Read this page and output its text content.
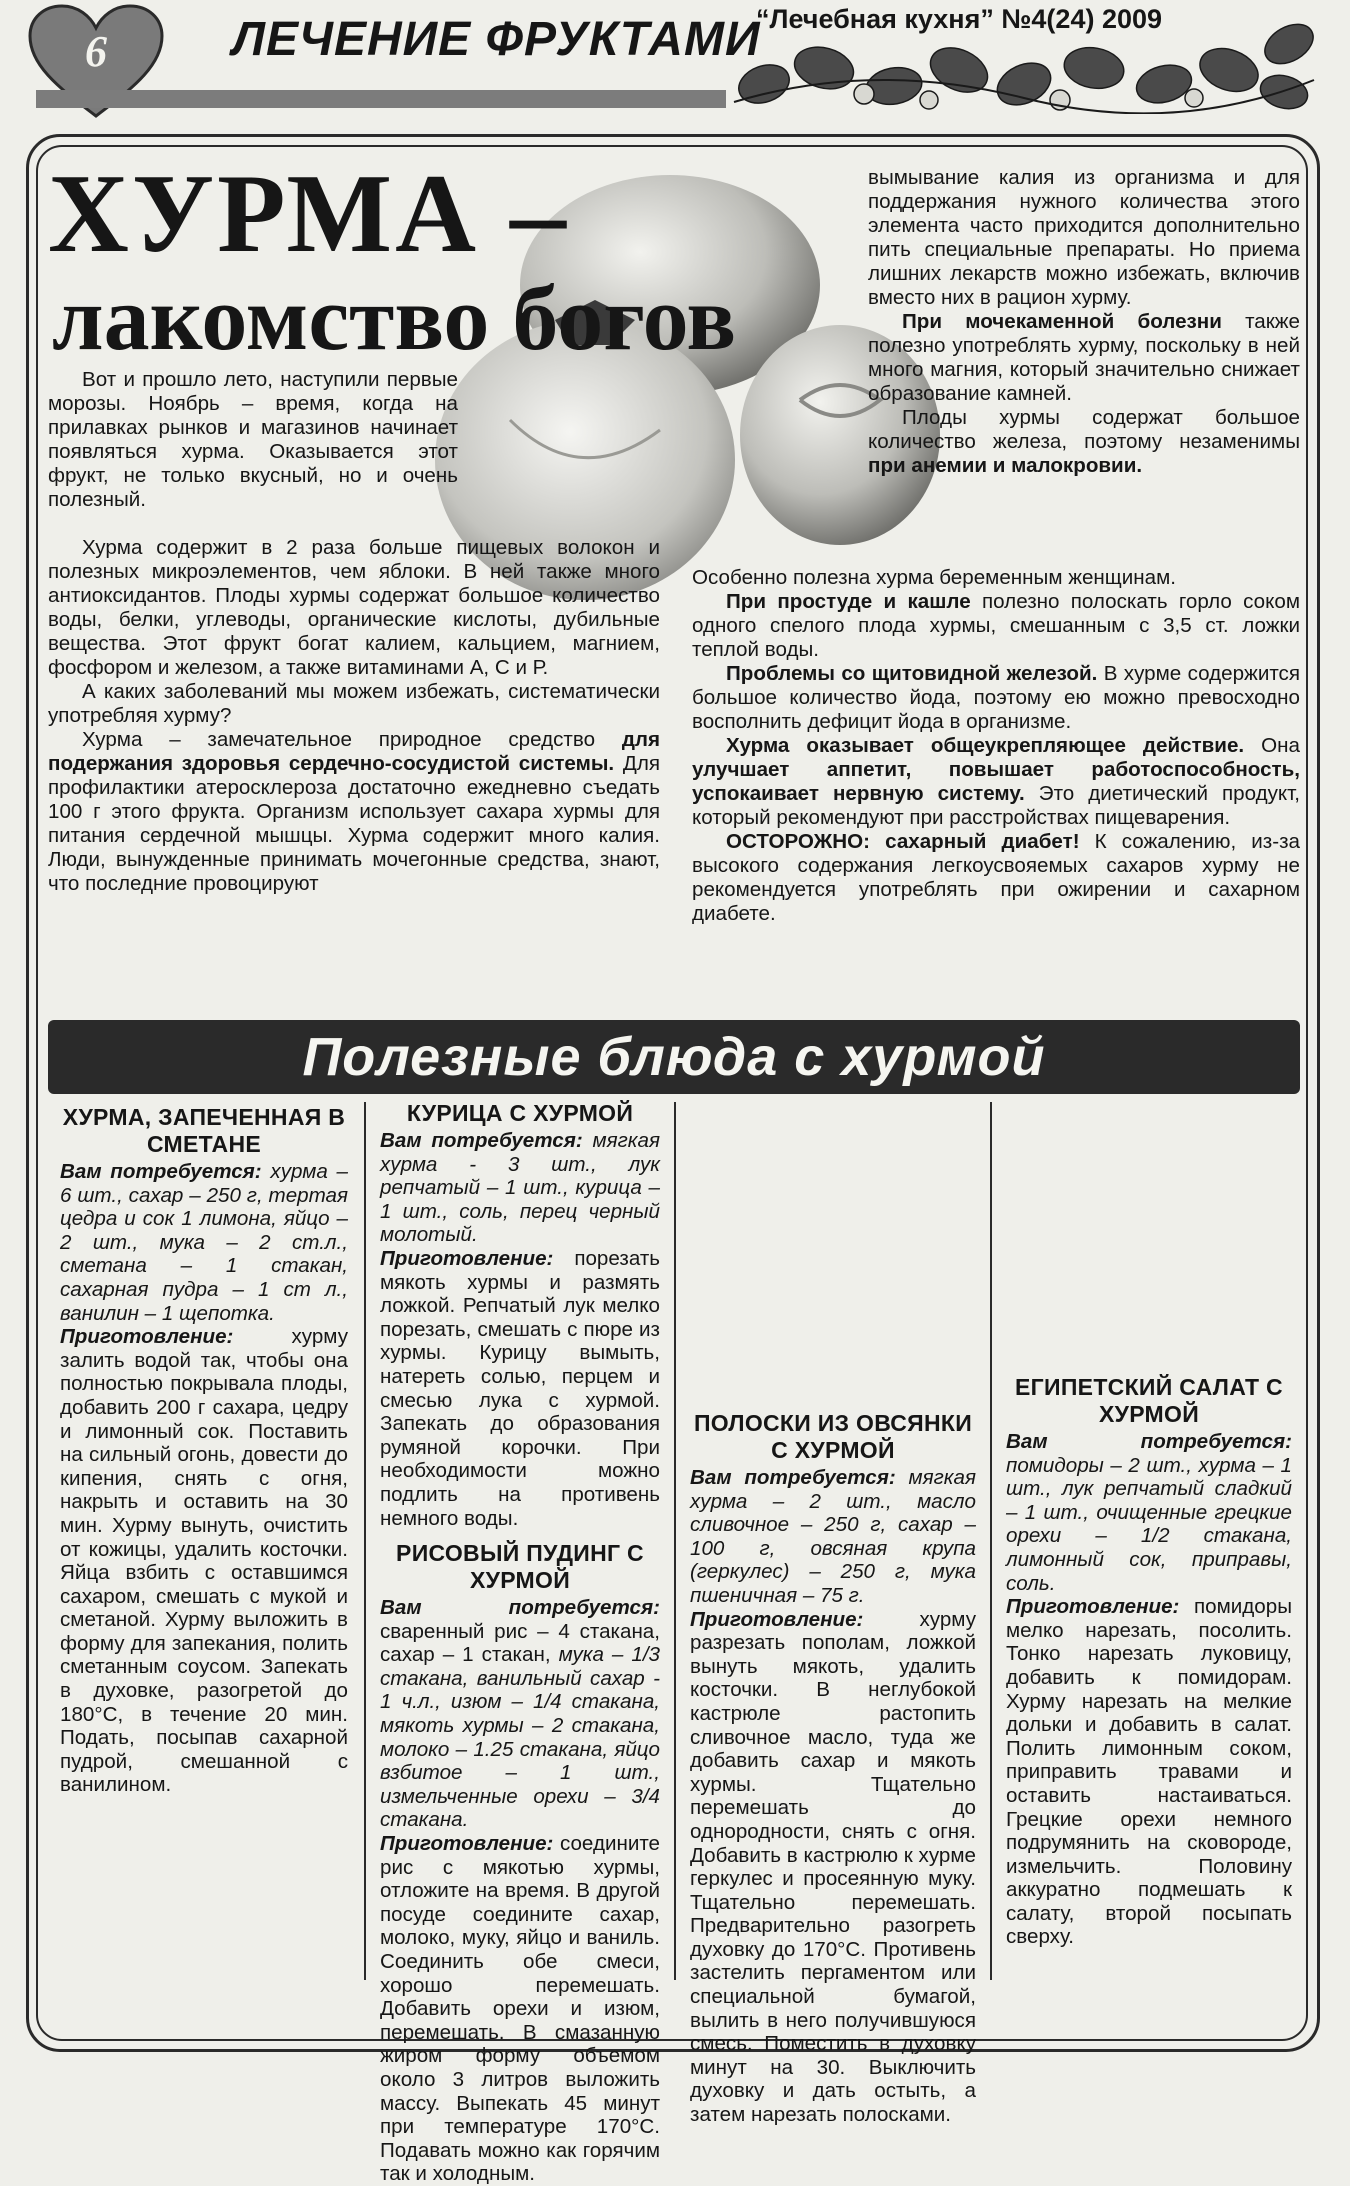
6	ЛЕЧЕНИЕ ФРУКТАМИ
“Лечебная кухня” №4(24) 2009
ХУРМА –
лакомство богов

Вот и прошло лето, наступили первые морозы. Ноябрь – время, когда на прилавках рынков и магазинов начинает появляться хурма. Оказывается этот фрукт, не только вкусный, но и очень полезный.

Хурма содержит в 2 раза больше пищевых волокон и полезных микроэлементов, чем яблоки. В ней также много антиоксидантов. Плоды хурмы содержат большое количество воды, белки, углеводы, органические кислоты, дубильные вещества. Этот фрукт богат калием, кальцием, магнием, фосфором и железом, а также витаминами А, С и Р.

А каких заболеваний мы можем избежать, систематически употребляя хурму?

Хурма – замечательное природное средство для подержания здоровья сердечно-сосудистой системы. Для профилактики атеросклероза достаточно ежедневно съедать 100 г этого фрукта. Организм использует сахара хурмы для питания сердечной мышцы. Хурма содержит много калия. Люди, вынужденные принимать мочегонные средства, знают, что последние провоцируют

вымывание калия из организма и для поддержания нужного количества этого элемента часто приходится дополнительно пить специальные препараты. Но приема лишних лекарств можно избежать, включив вместо них в рацион хурму.

При мочекаменной болезни также полезно употреблять хурму, поскольку в ней много магния, который значительно снижает образование камней.

Плоды хурмы содержат большое количество железа, поэтому незаменимы при анемии и малокровии.

Особенно полезна хурма беременным женщинам.

При простуде и кашле полезно полоскать горло соком одного спелого плода хурмы, смешанным с 3,5 ст. ложки теплой воды.

Проблемы со щитовидной железой. В хурме содержится большое количество йода, поэтому ею можно превосходно восполнить дефицит йода в организме.

Хурма оказывает общеукрепляющее действие. Она улучшает аппетит, повышает работоспособность, успокаивает нервную систему. Это диетический продукт, который рекомендуют при расстройствах пищеварения.

ОСТОРОЖНО: сахарный диабет! К сожалению, из-за высокого содержания легкоусвояемых сахаров хурму не рекомендуется употреблять при ожирении и сахарном диабете.

Полезные блюда с хурмой
ХУРМА, ЗАПЕЧЕННАЯ В СМЕТАНЕ

Вам потребуется: хурма – 6 шт., сахар – 250 г, тертая цедра и сок 1 лимона, яйцо – 2 шт., мука – 2 ст.л., сметана – 1 стакан, сахарная пудра – 1 ст л., ванилин – 1 щепотка.

Приготовление: хурму залить водой так, чтобы она полностью покрывала плоды, добавить 200 г сахара, цедру и лимонный сок. Поставить на сильный огонь, довести до кипения, снять с огня, накрыть и оставить на 30 мин. Хурму вынуть, очистить от кожицы, удалить косточки. Яйца взбить с оставшимся сахаром, смешать с мукой и сметаной. Хурму выложить в форму для запекания, полить сметанным соусом. Запекать в духовке, разогретой до 180°С, в течение 20 мин. Подать, посыпав сахарной пудрой, смешанной с ванилином.

КУРИЦА С ХУРМОЙ

Вам потребуется: мягкая хурма - 3 шт., лук репчатый – 1 шт., курица – 1 шт., соль, перец черный молотый.

Приготовление: порезать мякоть хурмы и размять ложкой. Репчатый лук мелко порезать, смешать с пюре из хурмы. Курицу вымыть, натереть солью, перцем и смесью лука с хурмой. Запекать до образования румяной корочки. При необходимости можно подлить на противень немного воды.

РИСОВЫЙ ПУДИНГ С ХУРМОЙ

Вам потребуется: сваренный рис – 4 стакана, сахар – 1 стакан, мука – 1/3 стакана, ванильный сахар - 1 ч.л., изюм – 1/4 стакана, мякоть хурмы – 2 стакана, молоко – 1.25 стакана, яйцо взбитое – 1 шт., измельченные орехи – 3/4 стакана.

Приготовление: соедините рис с мякотью хурмы, отложите на время. В другой посуде соедините сахар, молоко, муку, яйцо и ваниль. Соединить обе смеси, хорошо перемешать. Добавить орехи и изюм, перемешать. В смазанную жиром форму объемом около 3 литров выложить массу. Выпекать 45 минут при температуре 170°С. Подавать можно как горячим так и холодным.

ПОЛОСКИ ИЗ ОВСЯНКИ С ХУРМОЙ

Вам потребуется: мягкая хурма – 2 шт., масло сливочное – 250 г, сахар – 100 г, овсяная крупа (геркулес) – 250 г, мука пшеничная – 75 г.

Приготовление: хурму разрезать пополам, ложкой вынуть мякоть, удалить косточки. В неглубокой кастрюле растопить сливочное масло, туда же добавить сахар и мякоть хурмы. Тщательно перемешать до однородности, снять с огня. Добавить в кастрюлю к хурме геркулес и просеянную муку. Тщательно перемешать. Предварительно разогреть духовку до 170°С. Противень застелить пергаментом или специальной бумагой, вылить в него получившуюся смесь. Поместить в духовку минут на 30. Выключить духовку и дать остыть, а затем нарезать полосками.

ЕГИПЕТСКИЙ САЛАТ С ХУРМОЙ

Вам потребуется: помидоры – 2 шт., хурма – 1 шт., лук репчатый сладкий – 1 шт., очищенные грецкие орехи – 1/2 стакана, лимонный сок, приправы, соль.

Приготовление: помидоры мелко нарезать, посолить. Тонко нарезать луковицу, добавить к помидорам. Хурму нарезать на мелкие дольки и добавить в салат. Полить лимонным соком, приправить травами и оставить настаиваться. Грецкие орехи немного подрумянить на сковороде, измельчить. Половину аккуратно подмешать к салату, второй посыпать сверху.
